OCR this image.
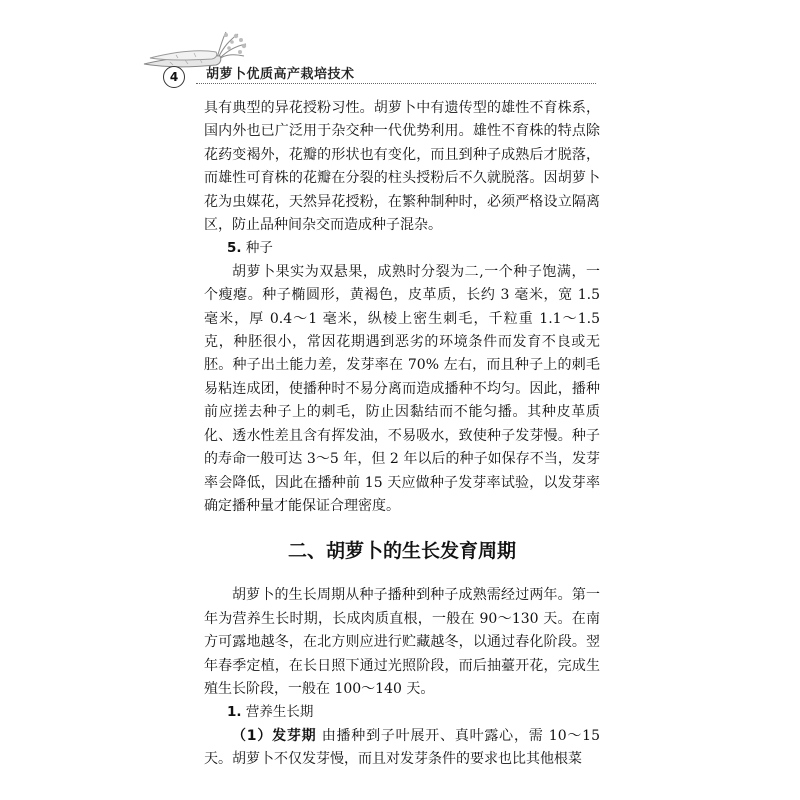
4	胡萝卜优质高产栽培技术

具有典型的异花授粉习性。胡萝卜中有遗传型的雄性不育株系，国内外也已广泛用于杂交种一代优势利用。雄性不育株的特点除花药变褐外，花瓣的形状也有变化，而且到种子成熟后才脱落，而雄性可育株的花瓣在分裂的柱头授粉后不久就脱落。因胡萝卜花为虫媒花，天然异花授粉，在繁种制种时，必须严格设立隔离区，防止品种间杂交而造成种子混杂。

5. 种子

胡萝卜果实为双悬果，成熟时分裂为二,一个种子饱满，一个瘦瘪。种子椭圆形，黄褐色，皮革质，长约 3 毫米，宽 1.5 毫米，厚 0.4～1 毫米，纵棱上密生刺毛，千粒重 1.1～1.5 克，种胚很小，常因花期遇到恶劣的环境条件而发育不良或无胚。种子出土能力差，发芽率在 70% 左右，而且种子上的刺毛易粘连成团，使播种时不易分离而造成播种不均匀。因此，播种前应搓去种子上的刺毛，防止因黏结而不能匀播。其种皮革质化、透水性差且含有挥发油，不易吸水，致使种子发芽慢。种子的寿命一般可达 3～5 年，但 2 年以后的种子如保存不当，发芽率会降低，因此在播种前 15 天应做种子发芽率试验，以发芽率确定播种量才能保证合理密度。

二、胡萝卜的生长发育周期

胡萝卜的生长周期从种子播种到种子成熟需经过两年。第一年为营养生长时期，长成肉质直根，一般在 90～130 天。在南方可露地越冬，在北方则应进行贮藏越冬，以通过春化阶段。翌年春季定植，在长日照下通过光照阶段，而后抽薹开花，完成生殖生长阶段，一般在 100～140 天。

1. 营养生长期

（1）发芽期 由播种到子叶展开、真叶露心，需 10～15 天。胡萝卜不仅发芽慢，而且对发芽条件的要求也比其他根菜
